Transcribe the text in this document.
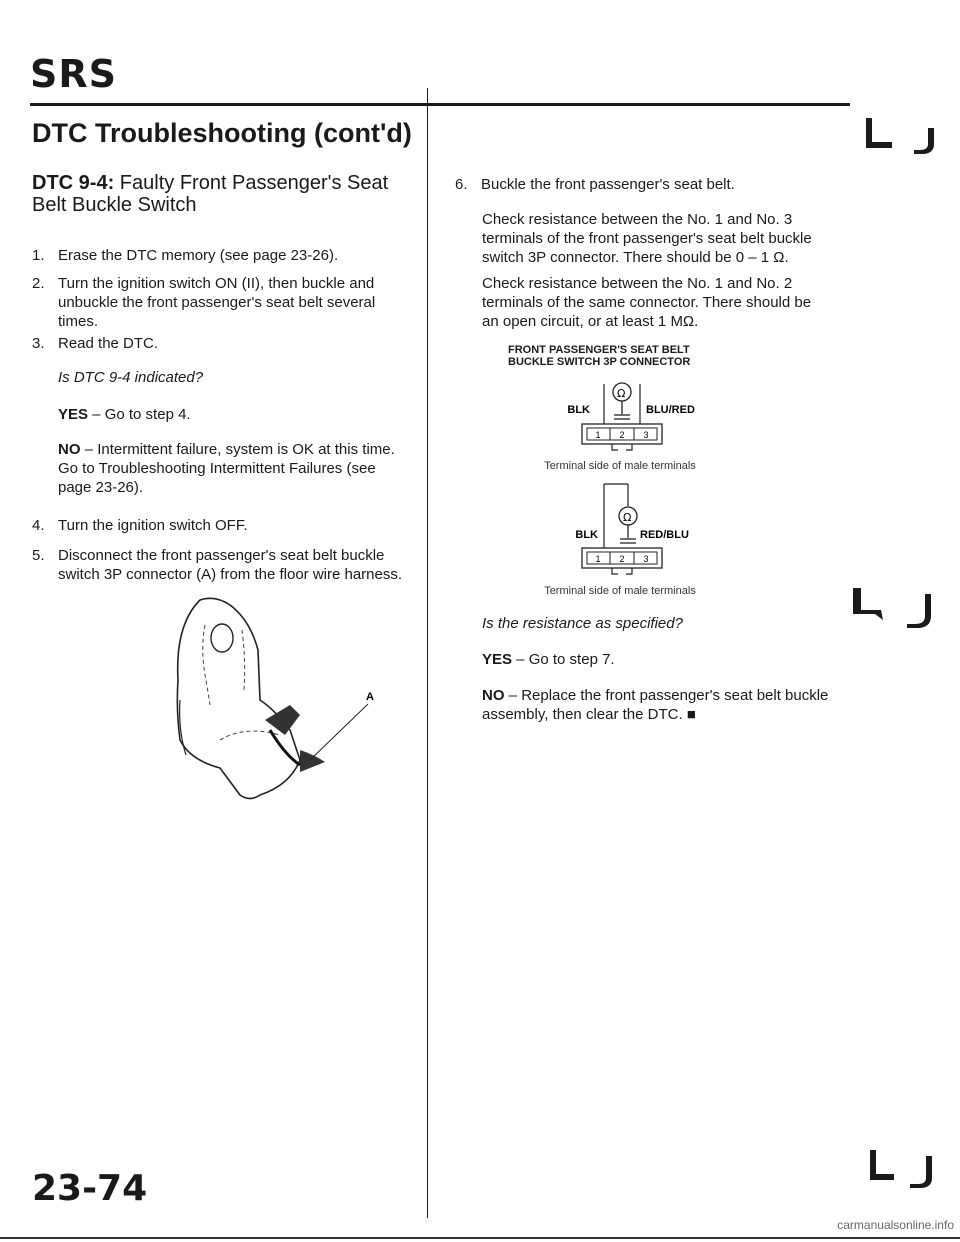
SRS
DTC Troubleshooting (cont'd)
DTC 9-4: Faulty Front Passenger's Seat Belt Buckle Switch
1. Erase the DTC memory (see page 23-26).
2. Turn the ignition switch ON (II), then buckle and unbuckle the front passenger's seat belt several times.
3. Read the DTC.
Is DTC 9-4 indicated?
YES – Go to step 4.
NO – Intermittent failure, system is OK at this time. Go to Troubleshooting Intermittent Failures (see page 23-26).
4. Turn the ignition switch OFF.
5. Disconnect the front passenger's seat belt buckle switch 3P connector (A) from the floor wire harness.
A
6. Buckle the front passenger's seat belt.
Check resistance between the No. 1 and No. 3 terminals of the front passenger's seat belt buckle switch 3P connector. There should be 0 – 1 Ω.
Check resistance between the No. 1 and No. 2 terminals of the same connector. There should be an open circuit, or at least 1 MΩ.
FRONT PASSENGER'S SEAT BELT
BUCKLE SWITCH 3P CONNECTOR
Ω
BLK	BLU/RED
1 2 3
Terminal side of male terminals
Ω
BLK	RED/BLU
1 2 3
Terminal side of male terminals
Is the resistance as specified?
YES – Go to step 7.
NO – Replace the front passenger's seat belt buckle assembly, then clear the DTC. ■
23-74
carmanualsonline.info
